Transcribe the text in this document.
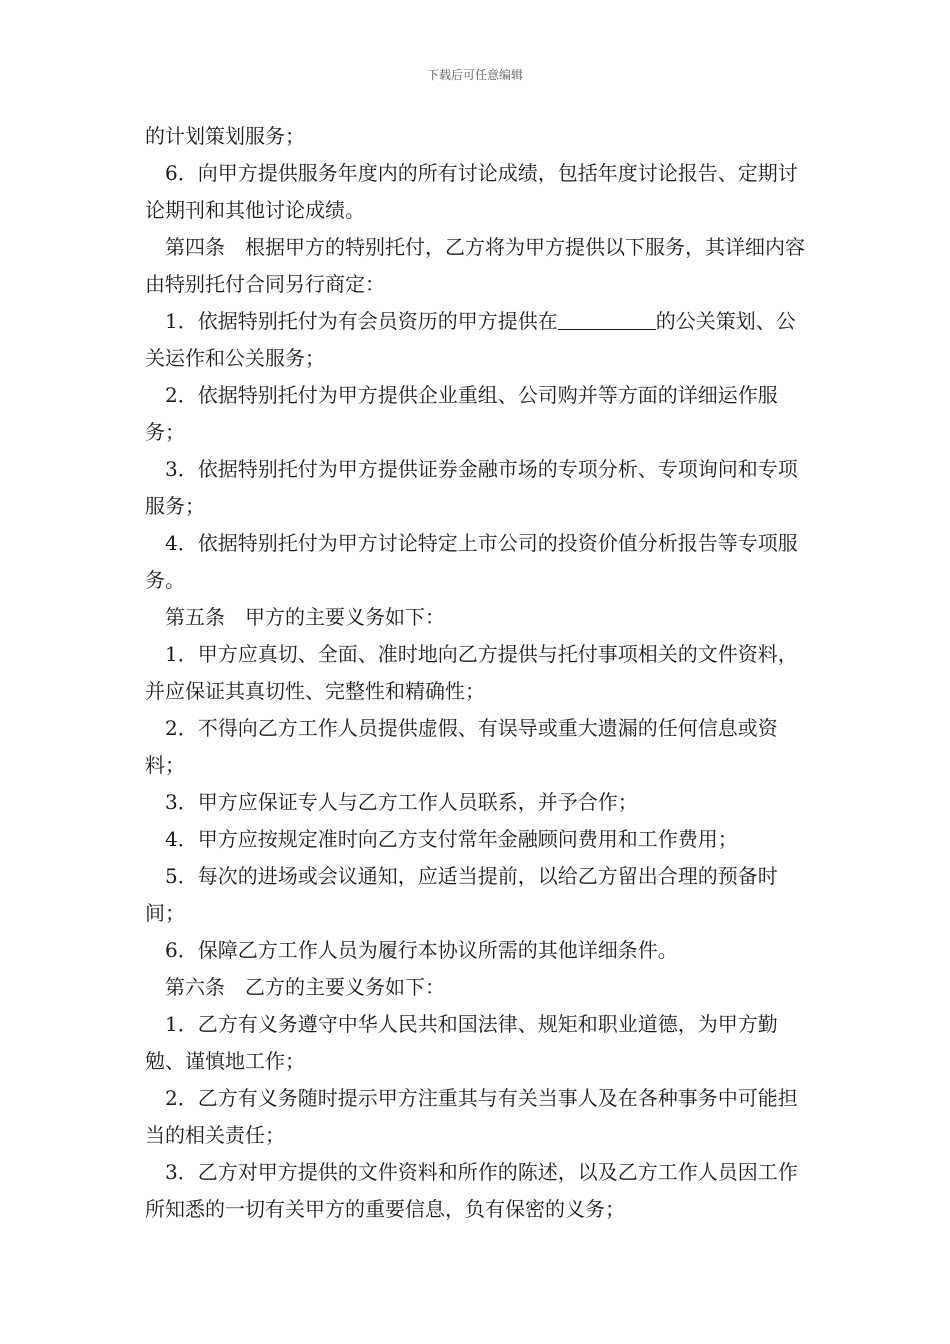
下载后可任意编辑

的计划策划服务；

6．向甲方提供服务年度内的所有讨论成绩，包括年度讨论报告、定期讨论期刊和其他讨论成绩。

第四条　根据甲方的特别托付，乙方将为甲方提供以下服务，其详细内容由特别托付合同另行商定：

1．依据特别托付为有会员资历的甲方提供在	的公关策划、公关运作和公关服务；

2．依据特别托付为甲方提供企业重组、公司购并等方面的详细运作服务；

3．依据特别托付为甲方提供证券金融市场的专项分析、专项询问和专项服务；

4．依据特别托付为甲方讨论特定上市公司的投资价值分析报告等专项服务。

第五条　甲方的主要义务如下：

1．甲方应真切、全面、准时地向乙方提供与托付事项相关的文件资料，并应保证其真切性、完整性和精确性；

2．不得向乙方工作人员提供虚假、有误导或重大遗漏的任何信息或资料；

3．甲方应保证专人与乙方工作人员联系，并予合作；

4．甲方应按规定准时向乙方支付常年金融顾问费用和工作费用；

5．每次的进场或会议通知，应适当提前，以给乙方留出合理的预备时间；

6．保障乙方工作人员为履行本协议所需的其他详细条件。

第六条　乙方的主要义务如下：

1．乙方有义务遵守中华人民共和国法律、规矩和职业道德，为甲方勤勉、谨慎地工作；

2．乙方有义务随时提示甲方注重其与有关当事人及在各种事务中可能担当的相关责任；

3．乙方对甲方提供的文件资料和所作的陈述，以及乙方工作人员因工作所知悉的一切有关甲方的重要信息，负有保密的义务；
